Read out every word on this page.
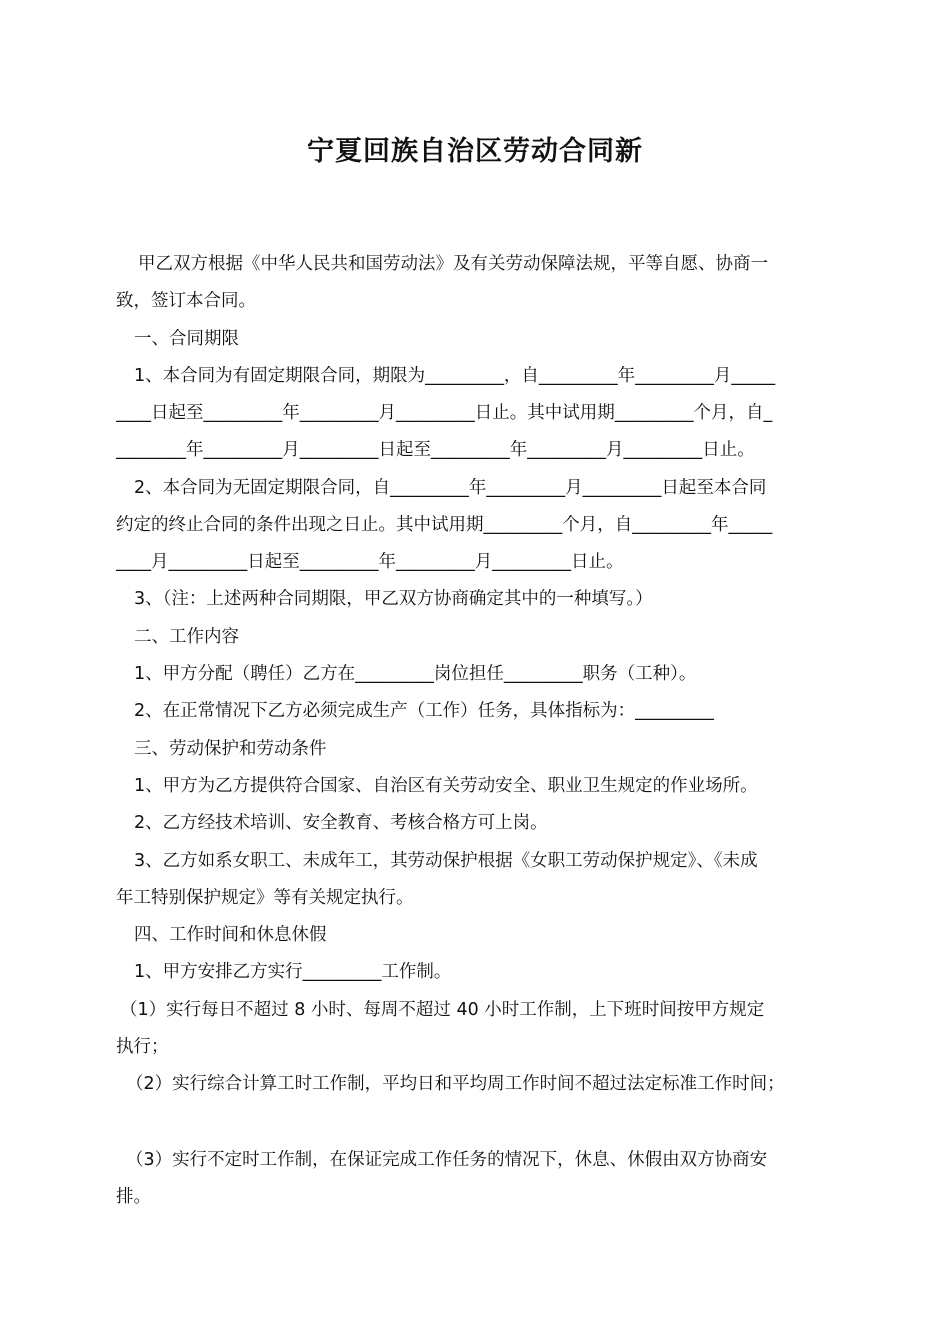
宁夏回族自治区劳动合同新
甲乙双方根据《中华人民共和国劳动法》及有关劳动保障法规，平等自愿、协商一
致，签订本合同。
一、合同期限
1、本合同为有固定期限合同，期限为_________，自_________年_________月_____
____日起至_________年_________月_________日止。其中试用期_________个月，自_
________年_________月_________日起至_________年_________月_________日止。
2、本合同为无固定期限合同，自_________年_________月_________日起至本合同
约定的终止合同的条件出现之日止。其中试用期_________个月，自_________年_____
____月_________日起至_________年_________月_________日止。
3、（注：上述两种合同期限，甲乙双方协商确定其中的一种填写。）
二、工作内容
1、甲方分配（聘任）乙方在_________岗位担任_________职务（工种）。
2、在正常情况下乙方必须完成生产（工作）任务，具体指标为：_________
三、劳动保护和劳动条件
1、甲方为乙方提供符合国家、自治区有关劳动安全、职业卫生规定的作业场所。
2、乙方经技术培训、安全教育、考核合格方可上岗。
3、乙方如系女职工、未成年工，其劳动保护根据《女职工劳动保护规定》、《未成
年工特别保护规定》等有关规定执行。
四、工作时间和休息休假
1、甲方安排乙方实行_________工作制。
（1）实行每日不超过 8 小时、每周不超过 40 小时工作制，上下班时间按甲方规定
执行；
（2）实行综合计算工时工作制，平均日和平均周工作时间不超过法定标准工作时间；
（3）实行不定时工作制，在保证完成工作任务的情况下，休息、休假由双方协商安
排。
